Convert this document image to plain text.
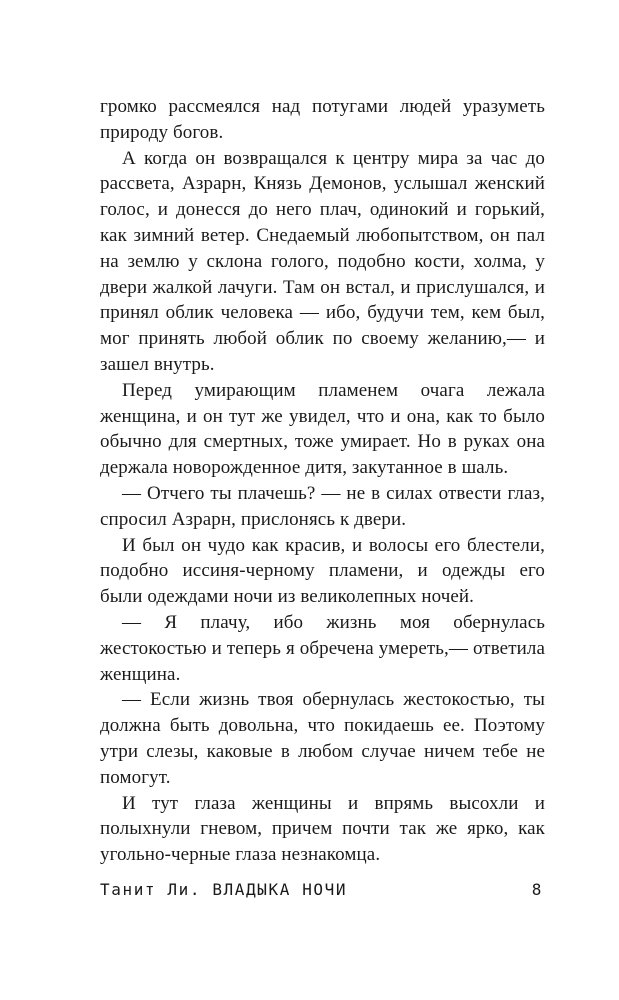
громко рассмеялся над потугами людей уразуметь природу богов.

А когда он возвращался к центру мира за час до рассвета, Азрарн, Князь Демонов, услышал женский голос, и донесся до него плач, одинокий и горький, как зимний ветер. Снедаемый любопытством, он пал на землю у склона голого, подобно кости, холма, у двери жалкой лачуги. Там он встал, и прислушался, и принял облик человека — ибо, будучи тем, кем был, мог принять любой облик по своему желанию,— и зашел внутрь.

Перед умирающим пламенем очага лежала женщина, и он тут же увидел, что и она, как то было обычно для смертных, тоже умирает. Но в руках она держала новорожденное дитя, закутанное в шаль.

— Отчего ты плачешь? — не в силах отвести глаз, спросил Азрарн, прислонясь к двери.

И был он чудо как красив, и волосы его блестели, подобно иссиня-черному пламени, и одежды его были одеждами ночи из великолепных ночей.

— Я плачу, ибо жизнь моя обернулась жестокостью и теперь я обречена умереть,— ответила женщина.

— Если жизнь твоя обернулась жестокостью, ты должна быть довольна, что покидаешь ее. Поэтому утри слезы, каковые в любом случае ничем тебе не помогут.

И тут глаза женщины и впрямь высохли и полыхнули гневом, причем почти так же ярко, как угольно-черные глаза незнакомца.

Танит Ли. ВЛАДЫКА НОЧИ	8
